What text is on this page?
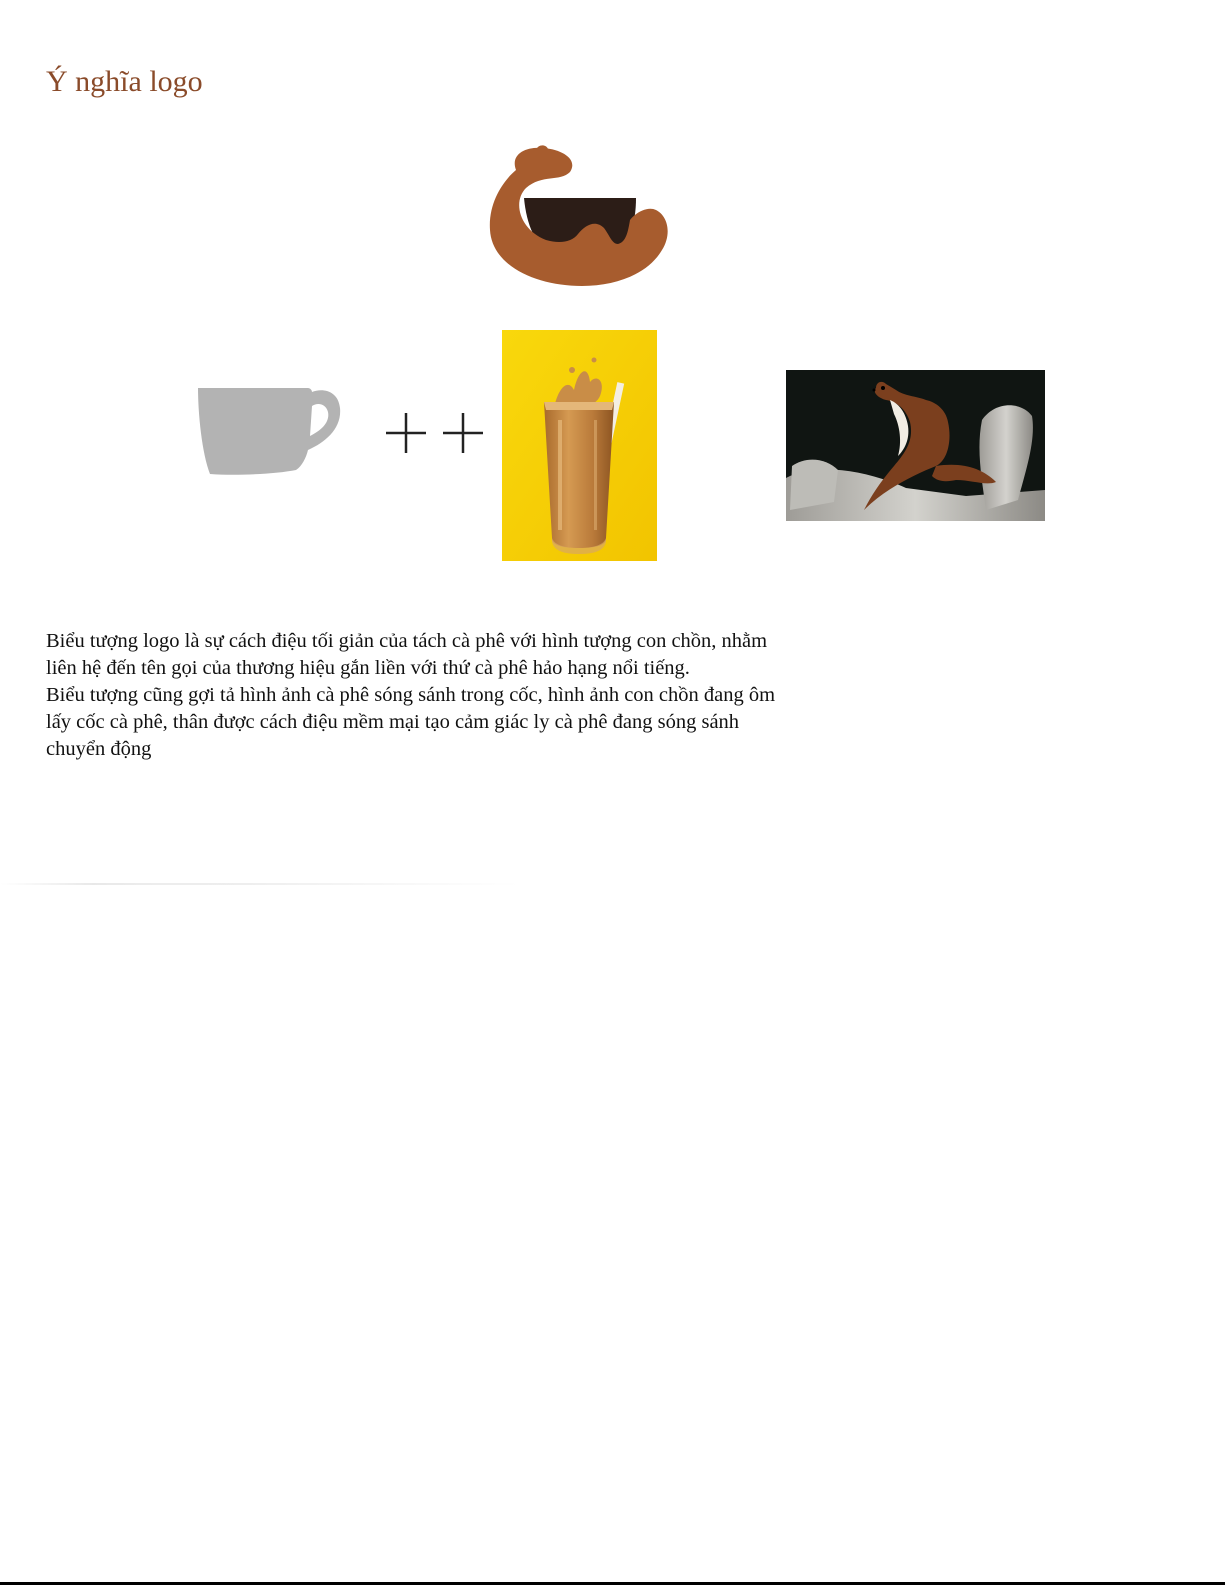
Ý nghĩa logo

Biểu tượng logo là sự cách điệu tối giản của tách cà phê với hình tượng con chồn, nhằm liên hệ đến tên gọi của thương hiệu gắn liền với thứ cà phê hảo hạng nổi tiếng.

Biểu tượng cũng gợi tả hình ảnh cà phê sóng sánh trong cốc, hình ảnh con chồn đang ôm lấy cốc cà phê, thân được cách điệu mềm mại tạo cảm giác ly cà phê đang sóng sánh chuyển động
